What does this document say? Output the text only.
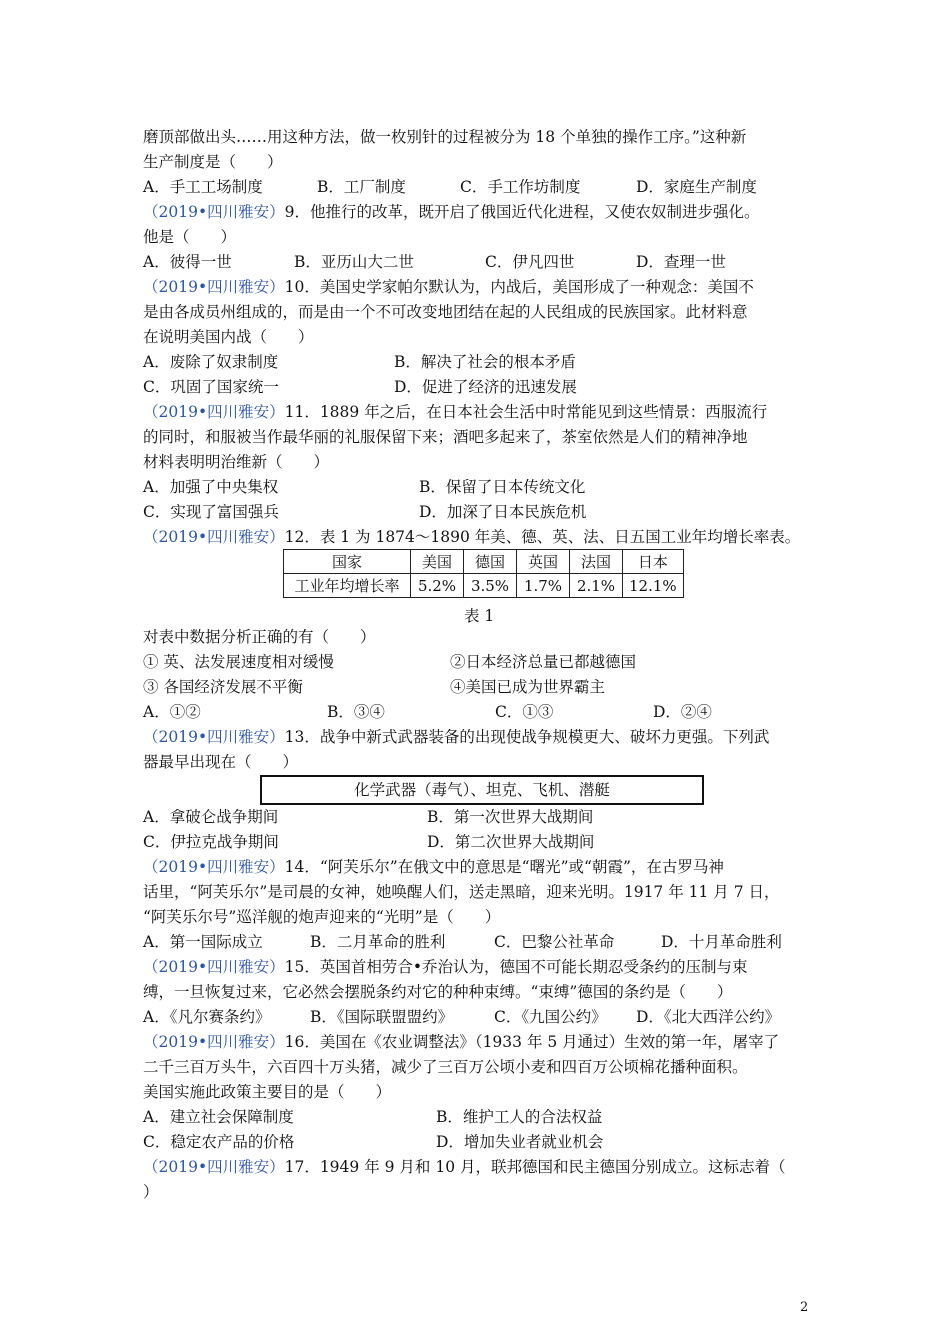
磨顶部做出头……用这种方法，做一枚别针的过程被分为 18 个单独的操作工序。”这种新
生产制度是（　　）
A．手工工场制度	B．工厂制度	C．手工作坊制度	D．家庭生产制度
（2019•四川雅安）9．他推行的改革，既开启了俄国近代化进程，又使农奴制进步强化。
他是（　　）
A．彼得一世	B．亚历山大二世	C．伊凡四世	D．查理一世
（2019•四川雅安）10．美国史学家帕尔默认为，内战后，美国形成了一种观念：美国不
是由各成员州组成的，而是由一个不可改变地团结在起的人民组成的民族国家。此材料意
在说明美国内战（　　）
A．废除了奴隶制度	B．解决了社会的根本矛盾
C．巩固了国家统一	D．促进了经济的迅速发展
（2019•四川雅安）11．1889 年之后，在日本社会生活中时常能见到这些情景：西服流行
的同时，和服被当作最华丽的礼服保留下来；酒吧多起来了，茶室依然是人们的精神净地
材料表明明治维新（　　）
A．加强了中央集权	B．保留了日本传统文化
C．实现了富国强兵	D．加深了日本民族危机
（2019•四川雅安）12．表 1 为 1874～1890 年美、德、英、法、日五国工业年均增长率表。
国家	美国	德国	英国	法国	日本
工业年均增长率	5.2%	3.5%	1.7%	2.1%	12.1%
表 1
对表中数据分析正确的有（　　）
① 英、法发展速度相对缓慢	②日本经济总量已都越德国
③ 各国经济发展不平衡	④美国已成为世界霸主
A．①②	B．③④	C．①③	D．②④
（2019•四川雅安）13．战争中新式武器装备的出现使战争规模更大、破坏力更强。下列武
器最早出现在（　　）
化学武器（毒气）、坦克、飞机、潜艇
A．拿破仑战争期间	B．第一次世界大战期间
C．伊拉克战争期间	D．第二次世界大战期间
（2019•四川雅安）14．“阿芙乐尔”在俄文中的意思是“曙光”或“朝霞”，在古罗马神
话里，“阿芙乐尔”是司晨的女神，她唤醒人们，送走黑暗，迎来光明。1917 年 11 月 7 日，
“阿芙乐尔号”巡洋舰的炮声迎来的“光明”是（　　）
A．第一国际成立	B．二月革命的胜利	C．巴黎公社革命	D．十月革命胜利
（2019•四川雅安）15．英国首相劳合•乔治认为，德国不可能长期忍受条约的压制与束
缚，一旦恢复过来，它必然会摆脱条约对它的种种束缚。“束缚”德国的条约是（　　）
A．《凡尔赛条约》	B．《国际联盟盟约》	C．《九国公约》 D．《北大西洋公约》
（2019•四川雅安）16．美国在《农业调整法》（1933 年 5 月通过）生效的第一年，屠宰了
二千三百万头牛，六百四十万头猪，减少了三百万公顷小麦和四百万公顷棉花播种面积。
美国实施此政策主要目的是（　　）
A．建立社会保障制度	B．维护工人的合法权益
C．稳定农产品的价格	D．增加失业者就业机会
（2019•四川雅安）17．1949 年 9 月和 10 月，联邦德国和民主德国分别成立。这标志着（
）
2
